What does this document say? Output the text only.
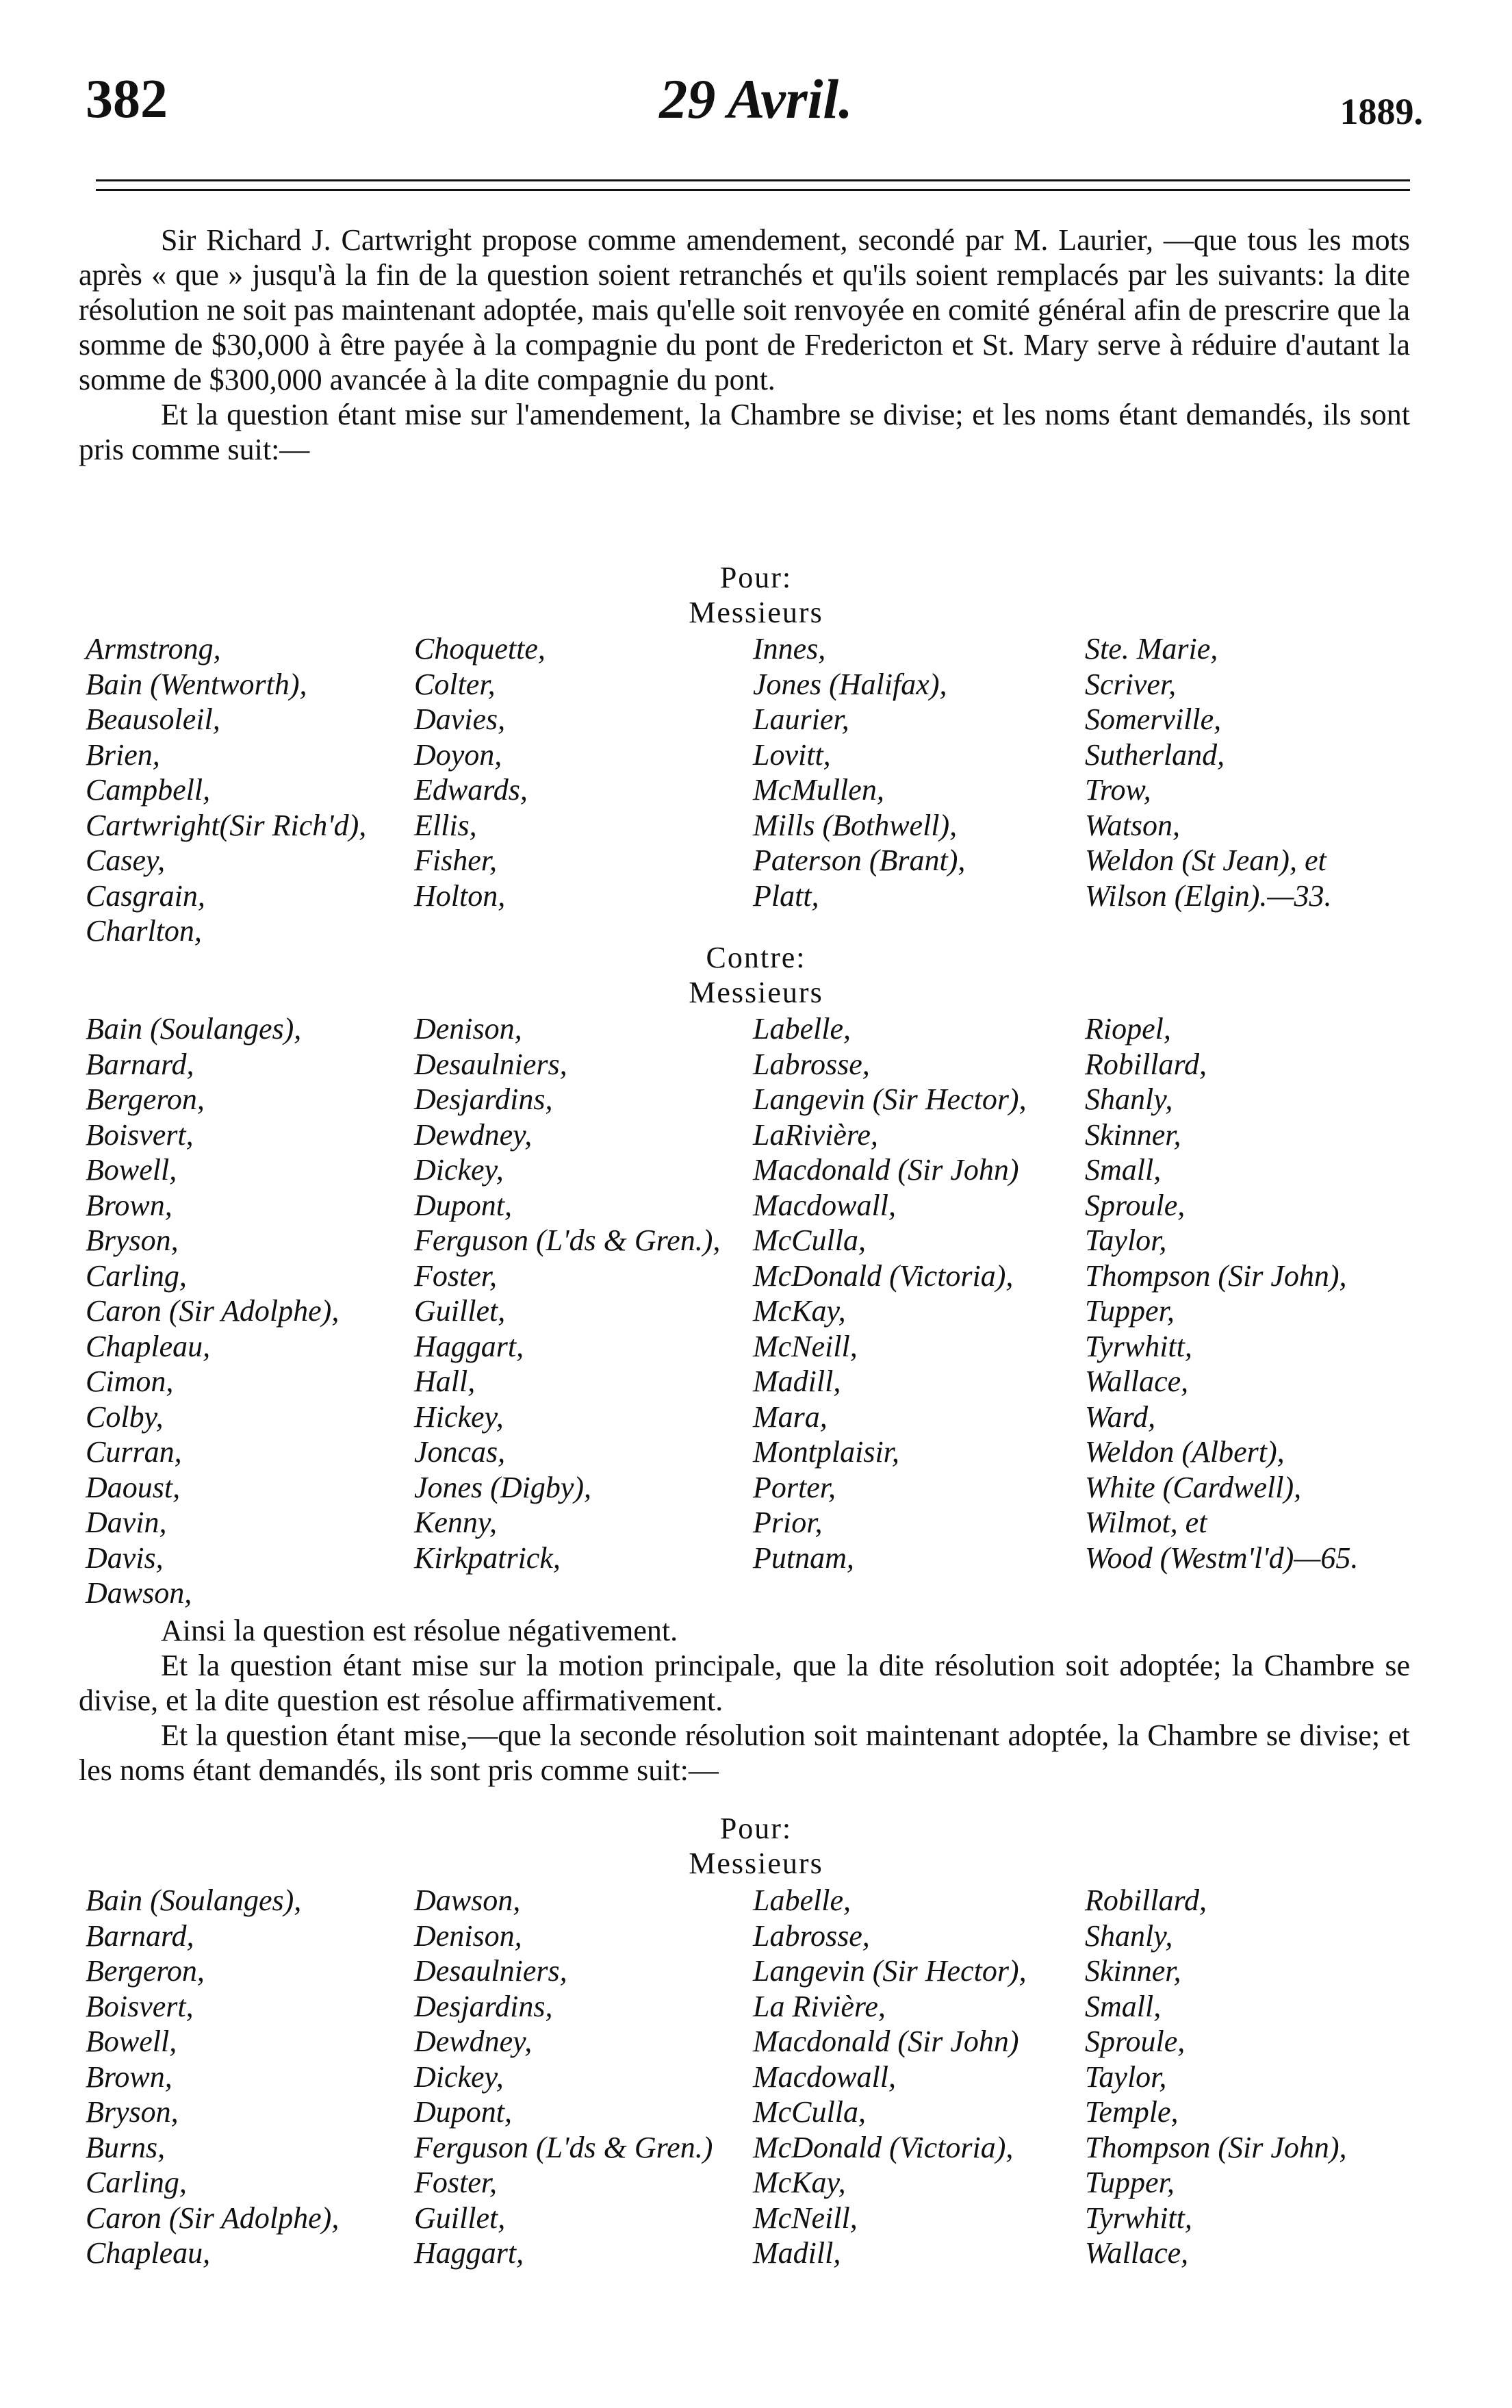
382	29 Avril.	1889.

Sir Richard J. Cartwright propose comme amendement, secondé par M. Laurier, —que tous les mots après « que » jusqu'à la fin de la question soient retranchés et qu'ils soient remplacés par les suivants: la dite résolution ne soit pas maintenant adoptée, mais qu'elle soit renvoyée en comité général afin de prescrire que la somme de $30,000 à être payée à la compagnie du pont de Fredericton et St. Mary serve à réduire d'autant la somme de $300,000 avancée à la dite compagnie du pont.

Et la question étant mise sur l'amendement, la Chambre se divise; et les noms étant demandés, ils sont pris comme suit:—

Pour:
Messieurs
Armstrong,
Bain (Wentworth),
Beausoleil,
Brien,
Campbell,
Cartwright(Sir Rich'd),
Casey,
Casgrain,
Charlton,
Choquette,
Colter,
Davies,
Doyon,
Edwards,
Ellis,
Fisher,
Holton,
Innes,
Jones (Halifax),
Laurier,
Lovitt,
McMullen,
Mills (Bothwell),
Paterson (Brant),
Platt,
Ste. Marie,
Scriver,
Somerville,
Sutherland,
Trow,
Watson,
Weldon (St Jean), et
Wilson (Elgin).—33.
Contre:
Messieurs
Bain (Soulanges),
Barnard,
Bergeron,
Boisvert,
Bowell,
Brown,
Bryson,
Carling,
Caron (Sir Adolphe),
Chapleau,
Cimon,
Colby,
Curran,
Daoust,
Davin,
Davis,
Dawson,
Denison,
Desaulniers,
Desjardins,
Dewdney,
Dickey,
Dupont,
Ferguson (L'ds & Gren.),
Foster,
Guillet,
Haggart,
Hall,
Hickey,
Joncas,
Jones (Digby),
Kenny,
Kirkpatrick,
Labelle,
Labrosse,
Langevin (Sir Hector),
LaRivière,
Macdonald (Sir John)
Macdowall,
McCulla,
McDonald (Victoria),
McKay,
McNeill,
Madill,
Mara,
Montplaisir,
Porter,
Prior,
Putnam,
Riopel,
Robillard,
Shanly,
Skinner,
Small,
Sproule,
Taylor,
Thompson (Sir John),
Tupper,
Tyrwhitt,
Wallace,
Ward,
Weldon (Albert),
White (Cardwell),
Wilmot, et
Wood (Westm'l'd)—65.

Ainsi la question est résolue négativement.

Et la question étant mise sur la motion principale, que la dite résolution soit adoptée; la Chambre se divise, et la dite question est résolue affirmativement.

Et la question étant mise,—que la seconde résolution soit maintenant adoptée, la Chambre se divise; et les noms étant demandés, ils sont pris comme suit:—

Pour:
Messieurs
Bain (Soulanges),
Barnard,
Bergeron,
Boisvert,
Bowell,
Brown,
Bryson,
Burns,
Carling,
Caron (Sir Adolphe),
Chapleau,
Dawson,
Denison,
Desaulniers,
Desjardins,
Dewdney,
Dickey,
Dupont,
Ferguson (L'ds & Gren.)
Foster,
Guillet,
Haggart,
Labelle,
Labrosse,
Langevin (Sir Hector),
La Rivière,
Macdonald (Sir John)
Macdowall,
McCulla,
McDonald (Victoria),
McKay,
McNeill,
Madill,
Robillard,
Shanly,
Skinner,
Small,
Sproule,
Taylor,
Temple,
Thompson (Sir John),
Tupper,
Tyrwhitt,
Wallace,
